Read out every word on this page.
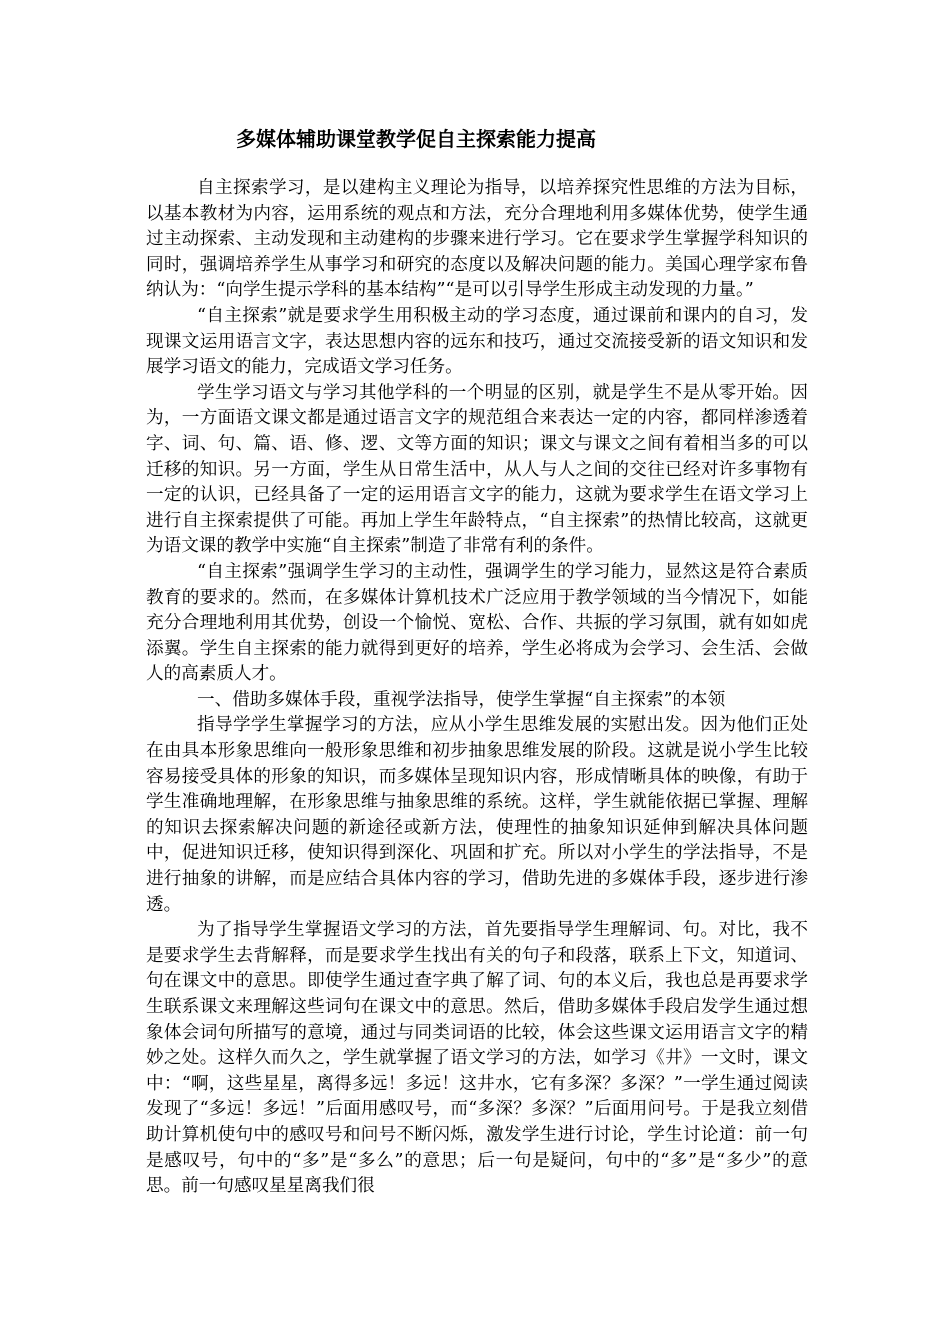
多媒体辅助课堂教学促自主探索能力提高

自主探索学习，是以建构主义理论为指导，以培养探究性思维的方法为目标，以基本教材为内容，运用系统的观点和方法，充分合理地利用多媒体优势，使学生通过主动探索、主动发现和主动建构的步骤来进行学习。它在要求学生掌握学科知识的同时，强调培养学生从事学习和研究的态度以及解决问题的能力。美国心理学家布鲁纳认为：“向学生提示学科的基本结构”“是可以引导学生形成主动发现的力量。”

“自主探索”就是要求学生用积极主动的学习态度，通过课前和课内的自习，发现课文运用语言文字，表达思想内容的远东和技巧，通过交流接受新的语文知识和发展学习语文的能力，完成语文学习任务。

学生学习语文与学习其他学科的一个明显的区别，就是学生不是从零开始。因为，一方面语文课文都是通过语言文字的规范组合来表达一定的内容，都同样渗透着字、词、句、篇、语、修、逻、文等方面的知识；课文与课文之间有着相当多的可以迁移的知识。另一方面，学生从日常生活中，从人与人之间的交往已经对许多事物有一定的认识，已经具备了一定的运用语言文字的能力，这就为要求学生在语文学习上进行自主探索提供了可能。再加上学生年龄特点，“自主探索”的热情比较高，这就更为语文课的教学中实施“自主探索”制造了非常有利的条件。

“自主探索”强调学生学习的主动性，强调学生的学习能力，显然这是符合素质教育的要求的。然而，在多媒体计算机技术广泛应用于教学领域的当今情况下，如能充分合理地利用其优势，创设一个愉悦、宽松、合作、共振的学习氛围，就有如如虎添翼。学生自主探索的能力就得到更好的培养，学生必将成为会学习、会生活、会做人的高素质人才。

一、借助多媒体手段，重视学法指导，使学生掌握“自主探索”的本领

指导学学生掌握学习的方法，应从小学生思维发展的实慰出发。因为他们正处在由具本形象思维向一般形象思维和初步抽象思维发展的阶段。这就是说小学生比较容易接受具体的形象的知识，而多媒体呈现知识内容，形成情晰具体的映像，有助于学生准确地理解，在形象思维与抽象思维的系统。这样，学生就能依据已掌握、理解的知识去探索解决问题的新途径或新方法，使理性的抽象知识延伸到解决具体问题中，促进知识迁移，使知识得到深化、巩固和扩充。所以对小学生的学法指导，不是进行抽象的讲解，而是应结合具体内容的学习，借助先进的多媒体手段，逐步进行渗透。

为了指导学生掌握语文学习的方法，首先要指导学生理解词、句。对比，我不是要求学生去背解释，而是要求学生找出有关的句子和段落，联系上下文，知道词、句在课文中的意思。即使学生通过查字典了解了词、句的本义后，我也总是再要求学生联系课文来理解这些词句在课文中的意思。然后，借助多媒体手段启发学生通过想象体会词句所描写的意境，通过与同类词语的比较，体会这些课文运用语言文字的精妙之处。这样久而久之，学生就掌握了语文学习的方法，如学习《井》一文时，课文中：“啊，这些星星，离得多远！多远！这井水，它有多深？多深？”一学生通过阅读发现了“多远！多远！”后面用感叹号，而“多深？多深？”后面用问号。于是我立刻借助计算机使句中的感叹号和问号不断闪烁，激发学生进行讨论，学生讨论道：前一句是感叹号，句中的“多”是“多么”的意思；后一句是疑问，句中的“多”是“多少”的意思。前一句感叹星星离我们很
